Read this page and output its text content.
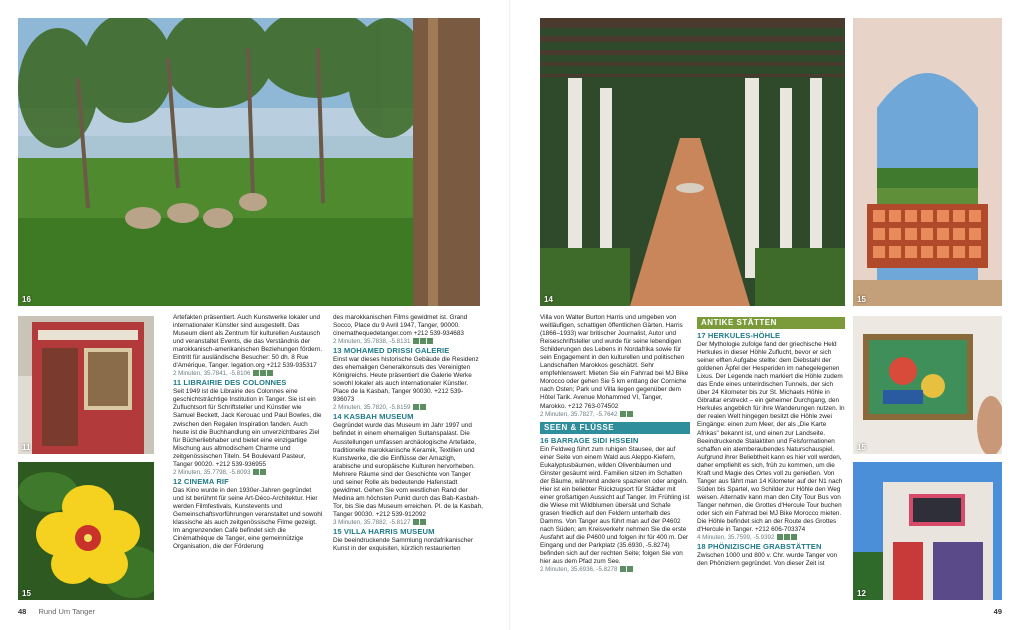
16
11
15

Artefakten präsentiert. Auch Kunstwerke lokaler und internationaler Künstler sind ausgestellt. Das Museum dient als Zentrum für kulturellen Austausch und veranstaltet Events, die das Verständnis der marokkanisch-amerikanischen Beziehungen fördern. Eintritt für ausländische Besucher: 50 dh. 8 Rue d'Amérique, Tanger. legation.org +212 539-935317

2 Minuten, 35.7841, -5.8106

11 LIBRAIRIE DES COLONNES

Seit 1949 ist die Librairie des Colonnes eine geschichtsträchtige Institution in Tanger. Sie ist ein Zufluchtsort für Schriftsteller und Künstler wie Samuel Beckett, Jack Kerouac und Paul Bowles, die zwischen den Regalen Inspiration fanden. Auch heute ist die Buchhandlung ein unverzichtbares Ziel für Bücherliebhaber und bietet eine einzigartige Mischung aus altmodischem Charme und zeitgenössischen Titeln. 54 Boulevard Pasteur, Tanger 90020. +212 539-936955

2 Minuten, 35.7798, -5.8093

12 CINEMA RIF

Das Kino wurde in den 1930er-Jahren gegründet und ist berühmt für seine Art-Déco-Architektur. Hier werden Filmfestivals, Kunstevents und Gemeinschaftsvorführungen veranstaltet und sowohl klassische als auch zeitgenössische Filme gezeigt. Im angrenzenden Café befindet sich die Cinémathèque de Tanger, eine gemeinnützige Organisation, die der Förderung

des marokkanischen Films gewidmet ist. Grand Socco, Place du 9 Avril 1947, Tanger, 90000. cinemathequedetanger.com +212 539-934683

2 Minuten, 35.7838, -5.8131

13 MOHAMED DRISSI GALERIE

Einst war dieses historische Gebäude die Residenz des ehemaligen Generalkonsuls des Vereinigten Königreichs. Heute präsentiert die Galerie Werke sowohl lokaler als auch internationaler Künstler. Place de la Kasbah, Tanger 90030. +212 539-936073

2 Minuten, 35.7820, -5.8159

14 KASBAH MUSEUM

Gegründet wurde das Museum im Jahr 1997 und befindet in einem ehemaligen Sultanspalast. Die Ausstellungen umfassen archäologische Artefakte, traditionelle marokkanische Keramik, Textilien und Kunstwerke, die die Einflüsse der Amazigh, arabische und europäische Kulturen hervorheben. Mehrere Räume sind der Geschichte von Tanger und seiner Rolle als bedeutende Hafenstadt gewidmet. Gehen Sie vom westlichen Rand der Medina am höchsten Punkt durch das Bab-Kasbah-Tor, bis Sie das Museum erreichen. Pl. de la Kasbah, Tanger 90030. +212 539-912092

3 Minuten, 35.7882, -5.8127

15 VILLA HARRIS MUSEUM

Die beeindruckende Sammlung nordafrikanischer Kunst in der exquisiten, kürzlich restaurierten

48 Rund Um Tanger
14	15

Villa von Walter Burton Harris und umgeben von weitläufigen, schattigen öffentlichen Gärten. Harris (1866–1933) war britischer Journalist, Autor und Reiseschriftsteller und wurde für seine lebendigen Schilderungen des Lebens in Nordafrika sowie für sein Engagement in den kulturellen und politischen Landschaften Marokkos geschätzt. Sehr empfehlenswert: Mieten Sie ein Fahrrad bei MJ Bike Morocco oder gehen Sie 5 km entlang der Corniche nach Osten; Park und Villa liegen gegenüber dem Hôtel Tarik. Avenue Mohammed VI, Tanger, Marokko. +212 763-074502

2 Minuten, 35.7827, -5.7642

SEEN & FLÜSSE

16 BARRAGE SIDI HSSEIN

Ein Feldweg führt zum ruhigen Stausee, der auf einer Seite von einem Wald aus Aleppo-Kiefern, Eukalyptusbäumen, wilden Olivenbäumen und Ginster gesäumt wird. Familien sitzen im Schatten der Bäume, während andere spazieren oder angeln. Hier ist ein beliebter Rückzugsort für Städter mit einer großartigen Aussicht auf Tanger. Im Frühling ist die Wiese mit Wildblumen übersät und Schafe grasen friedlich auf den Feldern unterhalb des Damms. Von Tanger aus führt man auf der P4602 nach Süden; am Kreisverkehr nehmen Sie die erste Ausfahrt auf die P4600 und folgen ihr für 400 m. Der Eingang und der Parkplatz (35.6930, -5.8274) befinden sich auf der rechten Seite; folgen Sie von hier aus dem Pfad zum See.

2 Minuten, 35.6936, -5.8278

ANTIKE STÄTTEN

17 HERKULES-HÖHLE

Der Mythologie zufolge fand der griechische Held Herkules in dieser Höhle Zuflucht, bevor er sich seiner elften Aufgabe stellte: dem Diebstahl der goldenen Äpfel der Hesperiden im nahegelegenen Lixus. Der Legende nach markiert die Höhle zudem das Ende eines unterirdischen Tunnels, der sich über 24 Kilometer bis zur St. Michaels Höhle in Gibraltar erstreckt – ein geheimer Durchgang, den Herkules angeblich für ihre Wanderungen nutzen. In der realen Welt hingegen besitzt die Höhle zwei Eingänge: einen zum Meer, der als „Die Karte Afrikas" bekannt ist, und einen zur Landseite. Beeindruckende Stalaktiten und Felsformationen schaffen ein atemberaubendes Naturschauspiel. Aufgrund ihrer Beliebtheit kann es hier voll werden, daher empfiehlt es sich, früh zu kommen, um die Kraft und Magie des Ortes voll zu genießen. Von Tanger aus fährt man 14 Kilometer auf der N1 nach Süden bis Spartel, wo Schilder zur Höhle den Weg weisen. Alternativ kann man den City Tour Bus von Tanger nehmen, die Grottes d'Hercule Tour buchen oder sich ein Fahrrad bei MJ Bike Morocco mieten. Die Höhle befindet sich an der Route des Grottes d'Hercule in Tanger. +212 606-703374

4 Minuten, 35.7599, -5.9392

18 PHÖNIZISCHE GRABSTÄTTEN

Zwischen 1000 und 800 v. Chr. wurde Tanger von den Phöniziern gegründet. Von dieser Zeit ist

15
12
49
